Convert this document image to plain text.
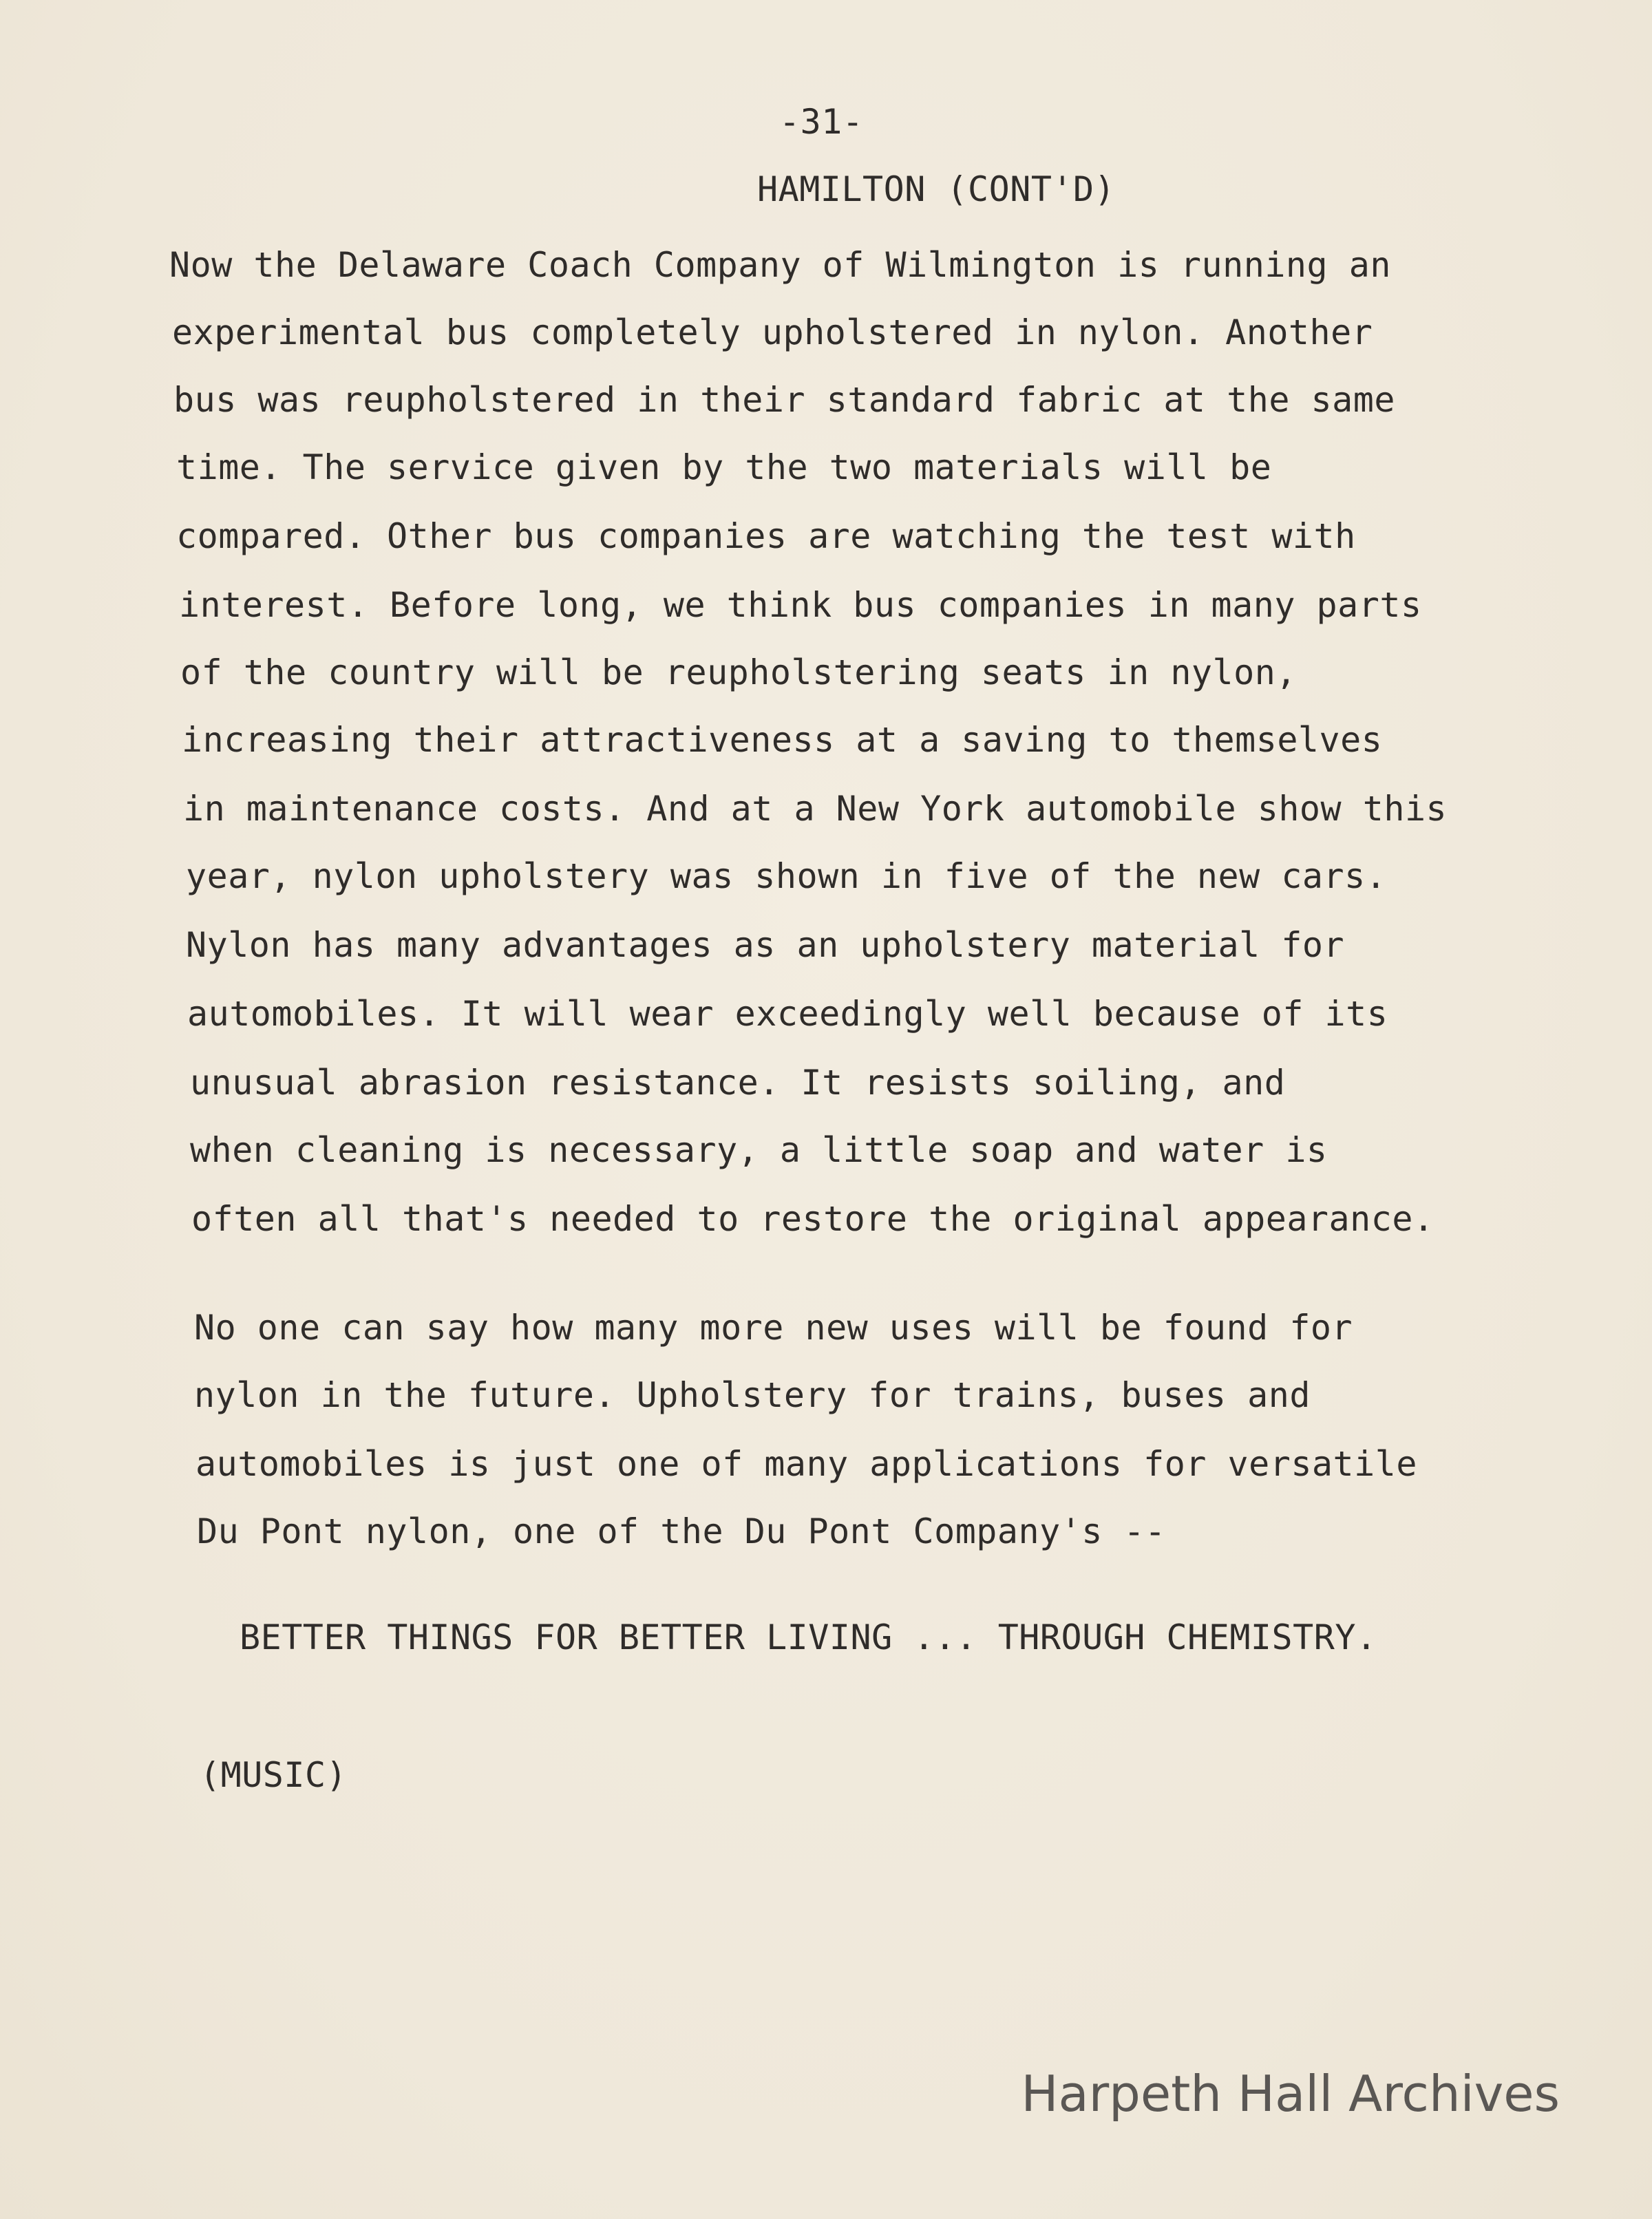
-31-
HAMILTON (CONT'D)
Now the Delaware Coach Company of Wilmington is running an
experimental bus completely upholstered in nylon. Another
bus was reupholstered in their standard fabric at the same
time. The service given by the two materials will be
compared. Other bus companies are watching the test with
interest. Before long, we think bus companies in many parts
of the country will be reupholstering seats in nylon,
increasing their attractiveness at a saving to themselves
in maintenance costs. And at a New York automobile show this
year, nylon upholstery was shown in five of the new cars.
Nylon has many advantages as an upholstery material for
automobiles. It will wear exceedingly well because of its
unusual abrasion resistance. It resists soiling, and
when cleaning is necessary, a little soap and water is
often all that's needed to restore the original appearance.
No one can say how many more new uses will be found for
nylon in the future. Upholstery for trains, buses and
automobiles is just one of many applications for versatile
Du Pont nylon, one of the Du Pont Company's --
BETTER THINGS FOR BETTER LIVING ... THROUGH CHEMISTRY.
(MUSIC)
Harpeth Hall Archives
